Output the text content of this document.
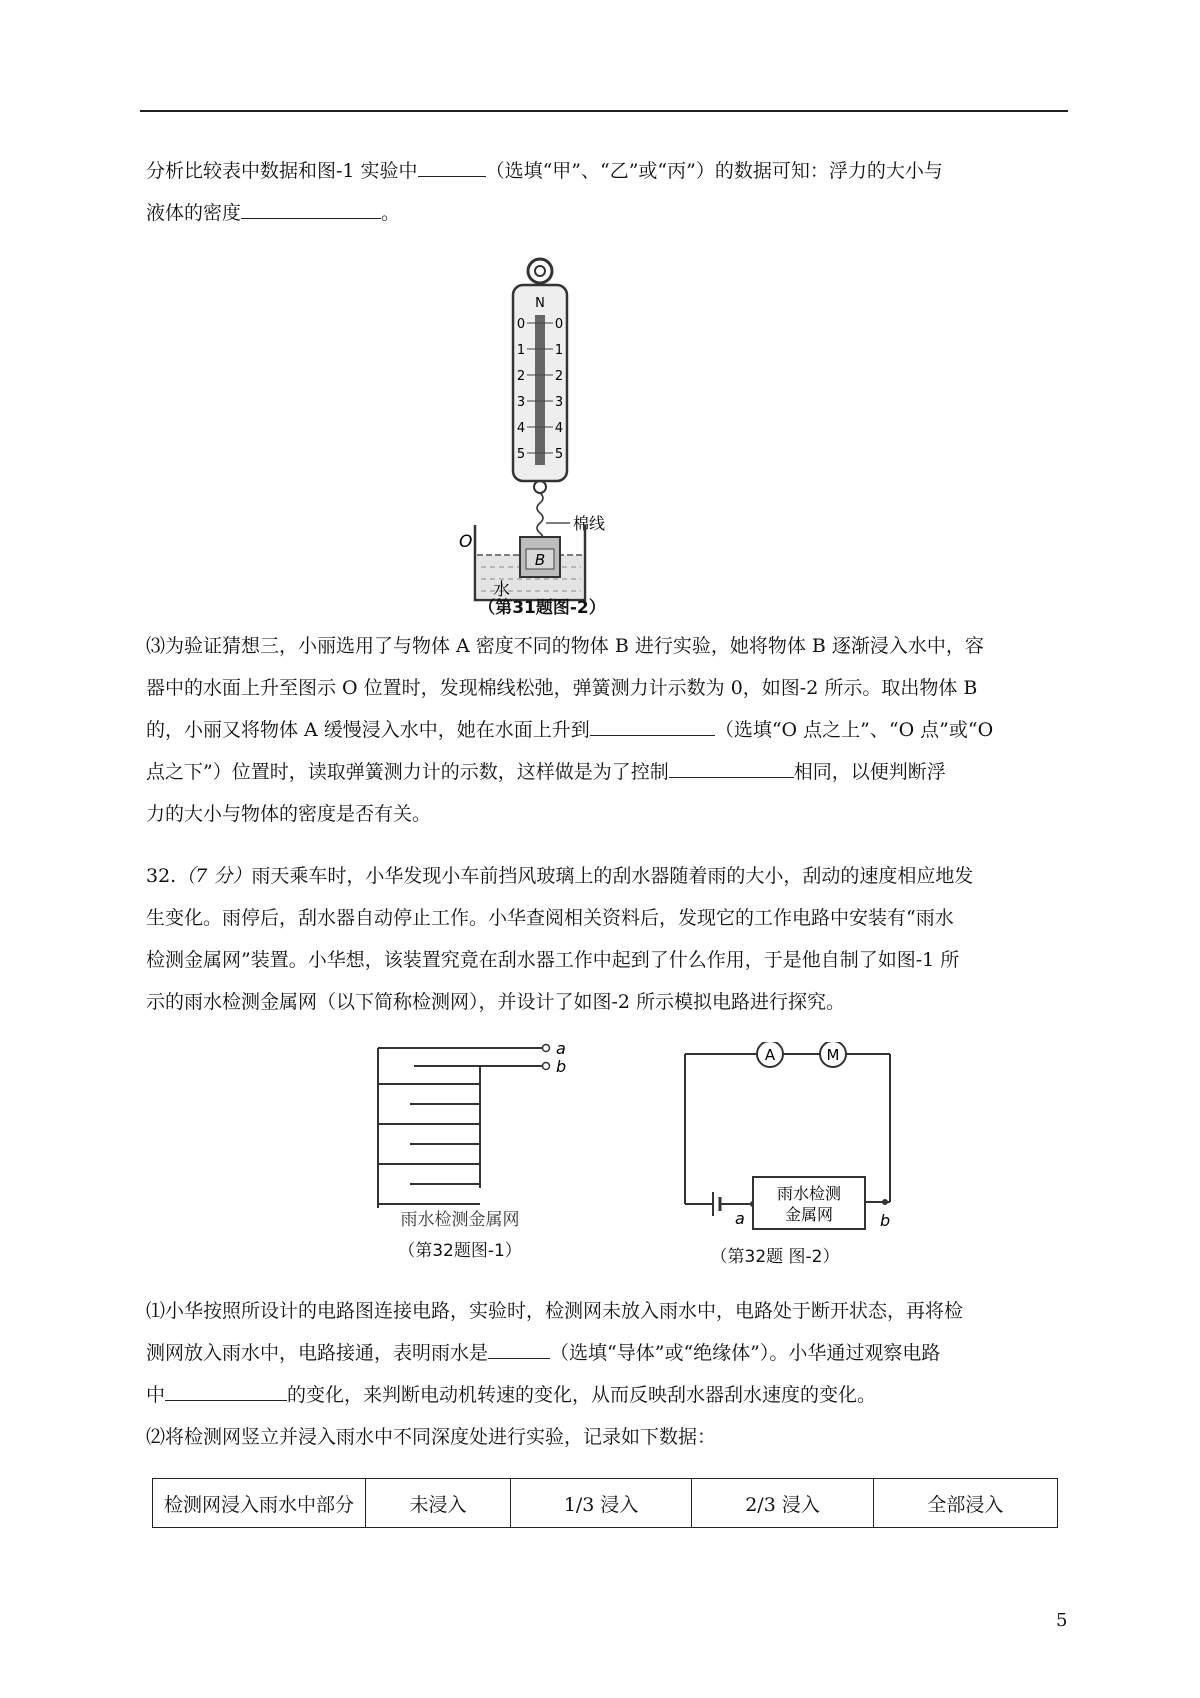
分析比较表中数据和图-1 实验中	（选填“甲”、“乙”或“丙”）的数据可知：浮力的大小与
液体的密度	。

N
0 0
1 1
2 2
3 3
4 4
5 5
棉线
B
O
水
（第31题图-2）

⑶为验证猜想三，小丽选用了与物体 A 密度不同的物体 B 进行实验，她将物体 B 逐渐浸入水中，容
器中的水面上升至图示 O 位置时，发现棉线松弛，弹簧测力计示数为 0，如图-2 所示。取出物体 B
的，小丽又将物体 A 缓慢浸入水中，她在水面上升到	（选填“O 点之上”、“O 点”或“O
点之下”）位置时，读取弹簧测力计的示数，这样做是为了控制	相同，以便判断浮
力的大小与物体的密度是否有关。

32.（7 分）雨天乘车时，小华发现小车前挡风玻璃上的刮水器随着雨的大小，刮动的速度相应地发
生变化。雨停后，刮水器自动停止工作。小华查阅相关资料后，发现它的工作电路中安装有“雨水
检测金属网”装置。小华想，该装置究竟在刮水器工作中起到了什么作用，于是他自制了如图-1 所
示的雨水检测金属网（以下简称检测网），并设计了如图-2 所示模拟电路进行探究。

a
b
雨水检测金属网
（第32题图-1）
A	M
a
雨水检测
金属网	b
（第32题 图-2）

⑴小华按照所设计的电路图连接电路，实验时，检测网未放入雨水中，电路处于断开状态，再将检
测网放入雨水中，电路接通，表明雨水是	（选填“导体”或“绝缘体”）。小华通过观察电路
中	的变化，来判断电动机转速的变化，从而反映刮水器刮水速度的变化。
⑵将检测网竖立并浸入雨水中不同深度处进行实验，记录如下数据：

检测网浸入雨水中部分	未浸入	1/3 浸入	2/3 浸入	全部浸入
5
